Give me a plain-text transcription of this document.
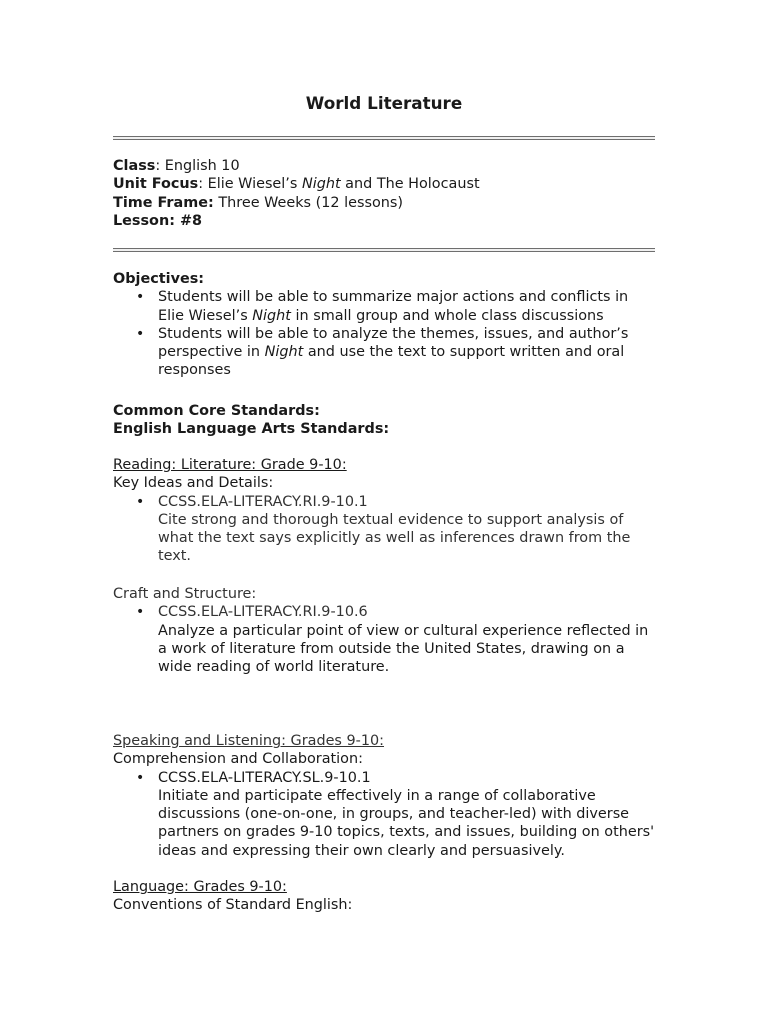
World Literature
Class: English 10
Unit Focus: Elie Wiesel’s Night and The Holocaust
Time Frame: Three Weeks (12 lessons)
Lesson: #8
Objectives:
• Students will be able to summarize major actions and conflicts in Elie Wiesel’s Night in small group and whole class discussions
• Students will be able to analyze the themes, issues, and author’s perspective in Night and use the text to support written and oral responses
Common Core Standards:
English Language Arts Standards:
Reading: Literature: Grade 9-10:
Key Ideas and Details:
• CCSS.ELA-LITERACY.RI.9-10.1
Cite strong and thorough textual evidence to support analysis of what the text says explicitly as well as inferences drawn from the text.
Craft and Structure:
• CCSS.ELA-LITERACY.RI.9-10.6
Analyze a particular point of view or cultural experience reflected in a work of literature from outside the United States, drawing on a wide reading of world literature.
Speaking and Listening: Grades 9-10:
Comprehension and Collaboration:
• CCSS.ELA-LITERACY.SL.9-10.1
Initiate and participate effectively in a range of collaborative discussions (one-on-one, in groups, and teacher-led) with diverse partners on grades 9-10 topics, texts, and issues, building on others' ideas and expressing their own clearly and persuasively.
Language: Grades 9-10:
Conventions of Standard English:
